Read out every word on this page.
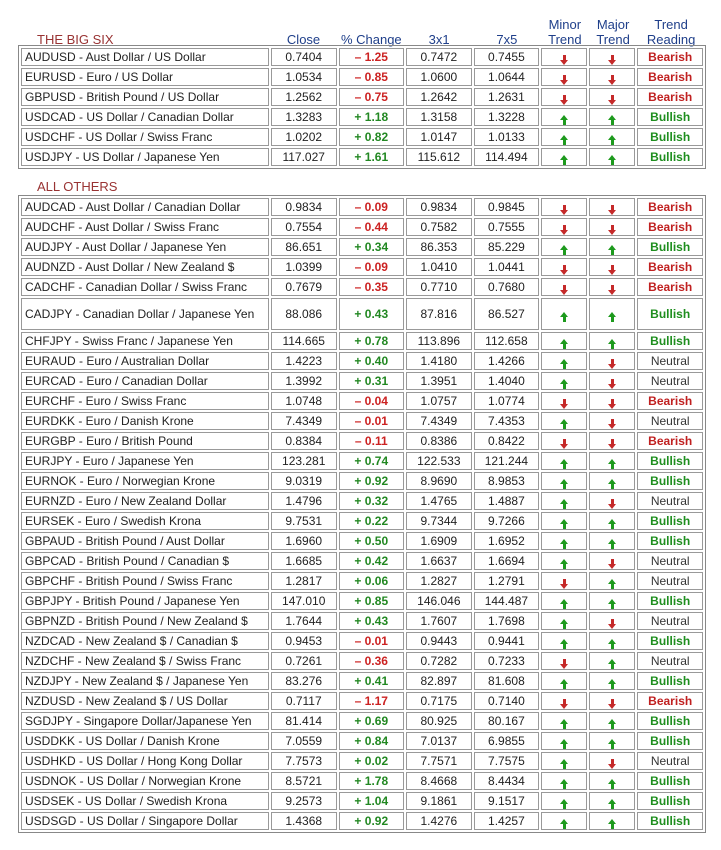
THE BIG SIX	Close	% Change	3x1	7x5	Minor Trend	Major Trend	Trend Reading
AUDUSD - Aust Dollar / US Dollar	0.7404	– 1.25	0.7472	0.7455			Bearish
EURUSD - Euro / US Dollar	1.0534	– 0.85	1.0600	1.0644			Bearish
GBPUSD - British Pound / US Dollar	1.2562	– 0.75	1.2642	1.2631			Bearish
USDCAD - US Dollar / Canadian Dollar	1.3283	+ 1.18	1.3158	1.3228			Bullish
USDCHF - US Dollar / Swiss Franc	1.0202	+ 0.82	1.0147	1.0133			Bullish
USDJPY - US Dollar / Japanese Yen	117.027	+ 1.61	115.612	114.494			Bullish
ALL OTHERS
AUDCAD - Aust Dollar / Canadian Dollar	0.9834	– 0.09	0.9834	0.9845			Bearish
AUDCHF - Aust Dollar / Swiss Franc	0.7554	– 0.44	0.7582	0.7555			Bearish
AUDJPY - Aust Dollar / Japanese Yen	86.651	+ 0.34	86.353	85.229			Bullish
AUDNZD - Aust Dollar / New Zealand $	1.0399	– 0.09	1.0410	1.0441			Bearish
CADCHF - Canadian Dollar / Swiss Franc	0.7679	– 0.35	0.7710	0.7680			Bearish
CADJPY - Canadian Dollar / Japanese Yen	88.086	+ 0.43	87.816	86.527			Bullish
CHFJPY - Swiss Franc / Japanese Yen	114.665	+ 0.78	113.896	112.658			Bullish
EURAUD - Euro / Australian Dollar	1.4223	+ 0.40	1.4180	1.4266			Neutral
EURCAD - Euro / Canadian Dollar	1.3992	+ 0.31	1.3951	1.4040			Neutral
EURCHF - Euro / Swiss Franc	1.0748	– 0.04	1.0757	1.0774			Bearish
EURDKK - Euro / Danish Krone	7.4349	– 0.01	7.4349	7.4353			Neutral
EURGBP - Euro / British Pound	0.8384	– 0.11	0.8386	0.8422			Bearish
EURJPY - Euro / Japanese Yen	123.281	+ 0.74	122.533	121.244			Bullish
EURNOK - Euro / Norwegian Krone	9.0319	+ 0.92	8.9690	8.9853			Bullish
EURNZD - Euro / New Zealand Dollar	1.4796	+ 0.32	1.4765	1.4887			Neutral
EURSEK - Euro / Swedish Krona	9.7531	+ 0.22	9.7344	9.7266			Bullish
GBPAUD - British Pound / Aust Dollar	1.6960	+ 0.50	1.6909	1.6952			Bullish
GBPCAD - British Pound / Canadian $	1.6685	+ 0.42	1.6637	1.6694			Neutral
GBPCHF - British Pound / Swiss Franc	1.2817	+ 0.06	1.2827	1.2791			Neutral
GBPJPY - British Pound / Japanese Yen	147.010	+ 0.85	146.046	144.487			Bullish
GBPNZD - British Pound / New Zealand $	1.7644	+ 0.43	1.7607	1.7698			Neutral
NZDCAD - New Zealand $ / Canadian $	0.9453	– 0.01	0.9443	0.9441			Bullish
NZDCHF - New Zealand $ / Swiss Franc	0.7261	– 0.36	0.7282	0.7233			Neutral
NZDJPY - New Zealand $ / Japanese Yen	83.276	+ 0.41	82.897	81.608			Bullish
NZDUSD - New Zealand $ / US Dollar	0.7117	– 1.17	0.7175	0.7140			Bearish
SGDJPY - Singapore Dollar/Japanese Yen	81.414	+ 0.69	80.925	80.167			Bullish
USDDKK - US Dollar / Danish Krone	7.0559	+ 0.84	7.0137	6.9855			Bullish
USDHKD - US Dollar / Hong Kong Dollar	7.7573	+ 0.02	7.7571	7.7575			Neutral
USDNOK - US Dollar / Norwegian Krone	8.5721	+ 1.78	8.4668	8.4434			Bullish
USDSEK - US Dollar / Swedish Krona	9.2573	+ 1.04	9.1861	9.1517			Bullish
USDSGD - US Dollar / Singapore Dollar	1.4368	+ 0.92	1.4276	1.4257			Bullish
